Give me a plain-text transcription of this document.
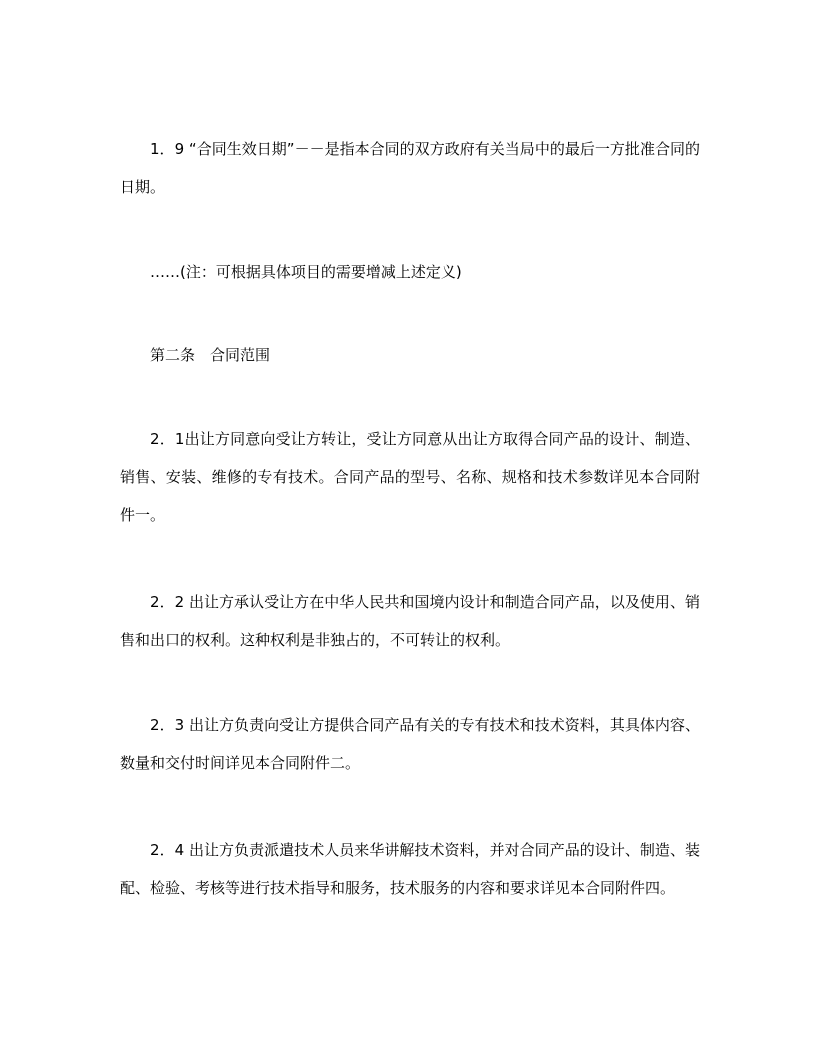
1．9 “合同生效日期”－－是指本合同的双方政府有关当局中的最后一方批准合同的日期。

……(注：可根据具体项目的需要增减上述定义)

第二条　合同范围

2．1出让方同意向受让方转让，受让方同意从出让方取得合同产品的设计、制造、销售、安装、维修的专有技术。合同产品的型号、名称、规格和技术参数详见本合同附件一。

2．2 出让方承认受让方在中华人民共和国境内设计和制造合同产品，以及使用、销售和出口的权利。这种权利是非独占的，不可转让的权利。

2．3 出让方负责向受让方提供合同产品有关的专有技术和技术资料，其具体内容、数量和交付时间详见本合同附件二。

2．4 出让方负责派遣技术人员来华讲解技术资料，并对合同产品的设计、制造、装配、检验、考核等进行技术指导和服务，技术服务的内容和要求详见本合同附件四。
